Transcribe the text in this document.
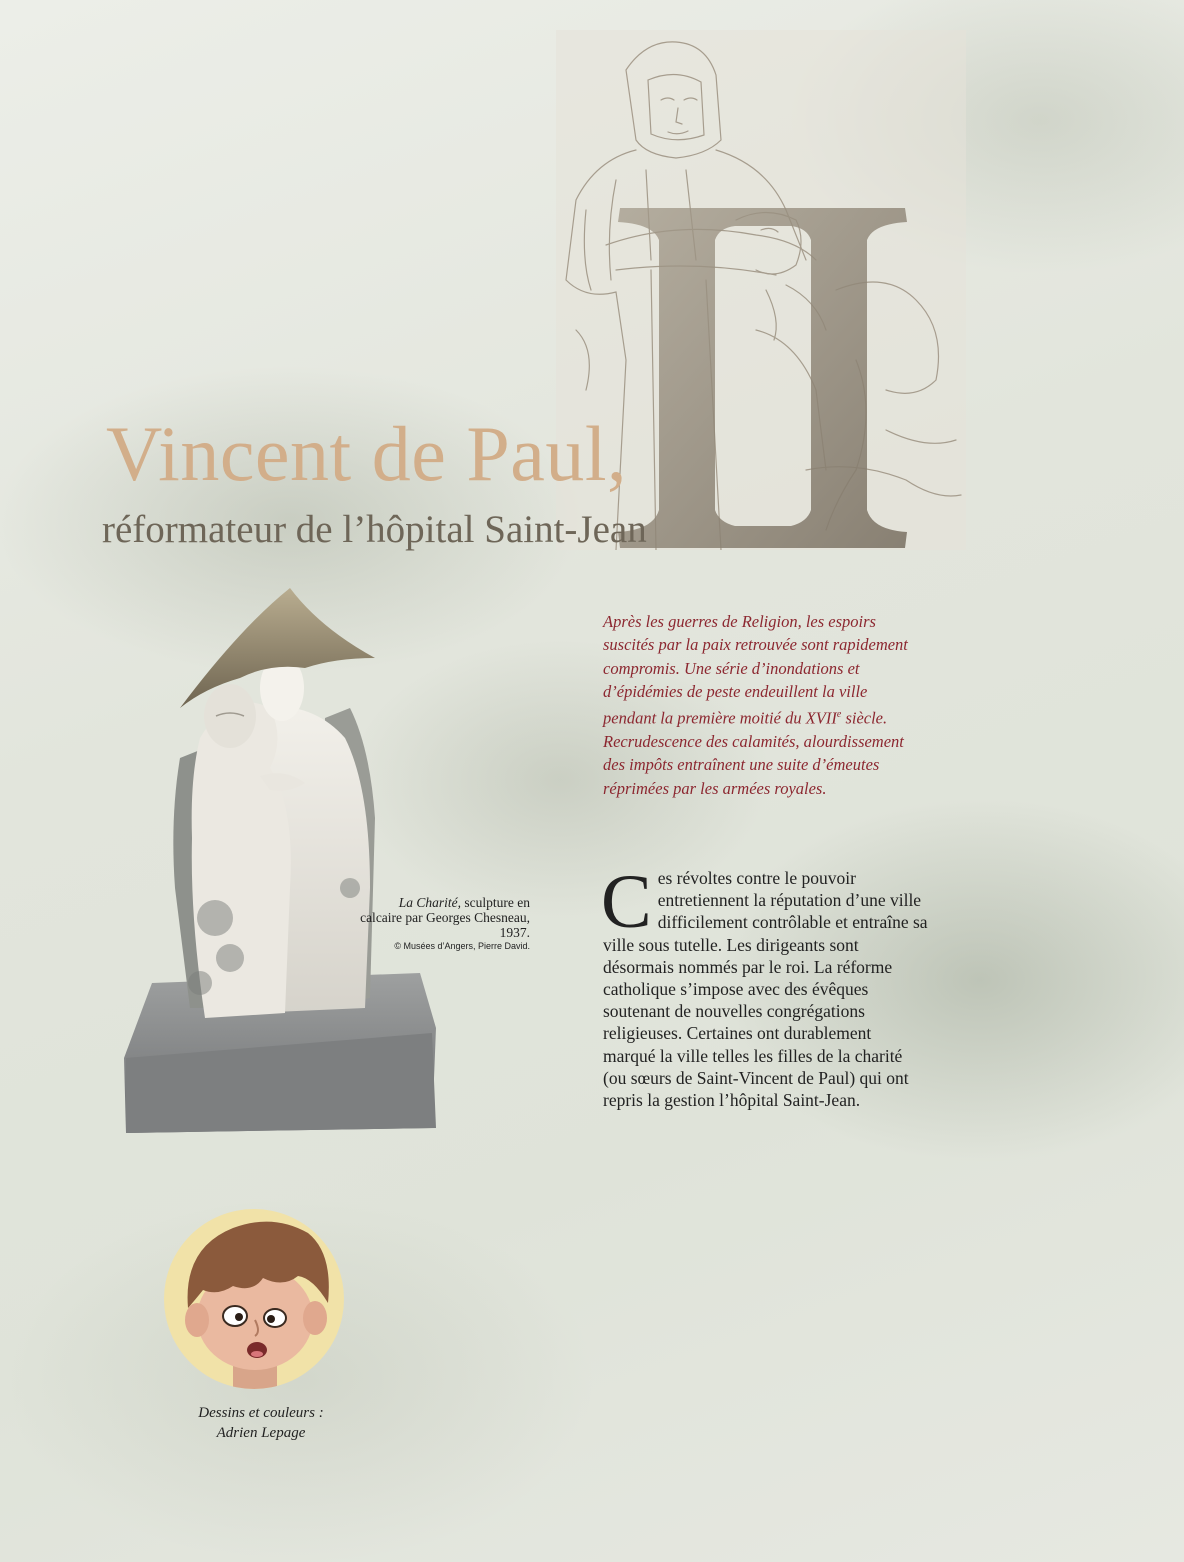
Vincent de Paul,
réformateur de l’hôpital Saint-Jean
La Charité, sculpture en calcaire par Georges Chesneau, 1937.
© Musées d’Angers, Pierre David.

Après les guerres de Religion, les espoirs suscités par la paix retrouvée sont rapidement compromis. Une série d’inondations et d’épidémies de peste endeuillent la ville pendant la première moitié du XVIIe siècle. Recrudescence des calamités, alourdissement des impôts entraînent une suite d’émeutes réprimées par les armées royales.

Ces révoltes contre le pouvoir entretiennent la réputation d’une ville difficilement contrôlable et entraîne sa ville sous tutelle. Les dirigeants sont désormais nommés par le roi. La réforme catholique s’impose avec des évêques soutenant de nouvelles congrégations religieuses. Certaines ont durablement marqué la ville telles les filles de la charité (ou sœurs de Saint-Vincent de Paul) qui ont repris la gestion l’hôpital Saint-Jean.

Dessins et couleurs :
Adrien Lepage
